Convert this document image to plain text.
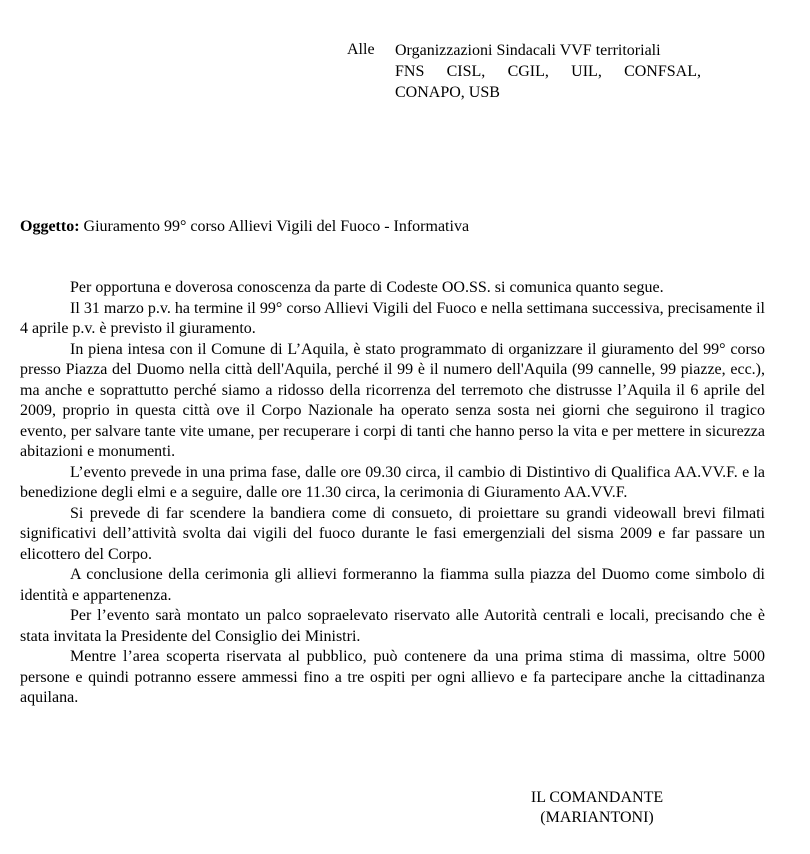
Alle	Organizzazioni Sindacali VVF territoriali
FNS CISL, CGIL, UIL, CONFSAL,
CONAPO, USB
Oggetto: Giuramento 99° corso Allievi Vigili del Fuoco - Informativa

Per opportuna e doverosa conoscenza da parte di Codeste OO.SS. si comunica quanto segue.

Il 31 marzo p.v. ha termine il 99° corso Allievi Vigili del Fuoco e nella settimana successiva, precisamente il 4 aprile p.v. è previsto il giuramento.

In piena intesa con il Comune di L’Aquila, è stato programmato di organizzare il giuramento del 99° corso presso Piazza del Duomo nella città dell'Aquila, perché il 99 è il numero dell'Aquila (99 cannelle, 99 piazze, ecc.), ma anche e soprattutto perché siamo a ridosso della ricorrenza del terremoto che distrusse l’Aquila il 6 aprile del 2009, proprio in questa città ove il Corpo Nazionale ha operato senza sosta nei giorni che seguirono il tragico evento, per salvare tante vite umane, per recuperare i corpi di tanti che hanno perso la vita e per mettere in sicurezza abitazioni e monumenti.

L’evento prevede in una prima fase, dalle ore 09.30 circa, il cambio di Distintivo di Qualifica AA.VV.F. e la benedizione degli elmi e a seguire, dalle ore 11.30 circa, la cerimonia di Giuramento AA.VV.F.

Si prevede di far scendere la bandiera come di consueto, di proiettare su grandi videowall brevi filmati significativi dell’attività svolta dai vigili del fuoco durante le fasi emergenziali del sisma 2009 e far passare un elicottero del Corpo.

A conclusione della cerimonia gli allievi formeranno la fiamma sulla piazza del Duomo come simbolo di identità e appartenenza.

Per l’evento sarà montato un palco sopraelevato riservato alle Autorità centrali e locali, precisando che è stata invitata la Presidente del Consiglio dei Ministri.

Mentre l’area scoperta riservata al pubblico, può contenere da una prima stima di massima, oltre 5000 persone e quindi potranno essere ammessi fino a tre ospiti per ogni allievo e fa partecipare anche la cittadinanza aquilana.

IL COMANDANTE
(MARIANTONI)
